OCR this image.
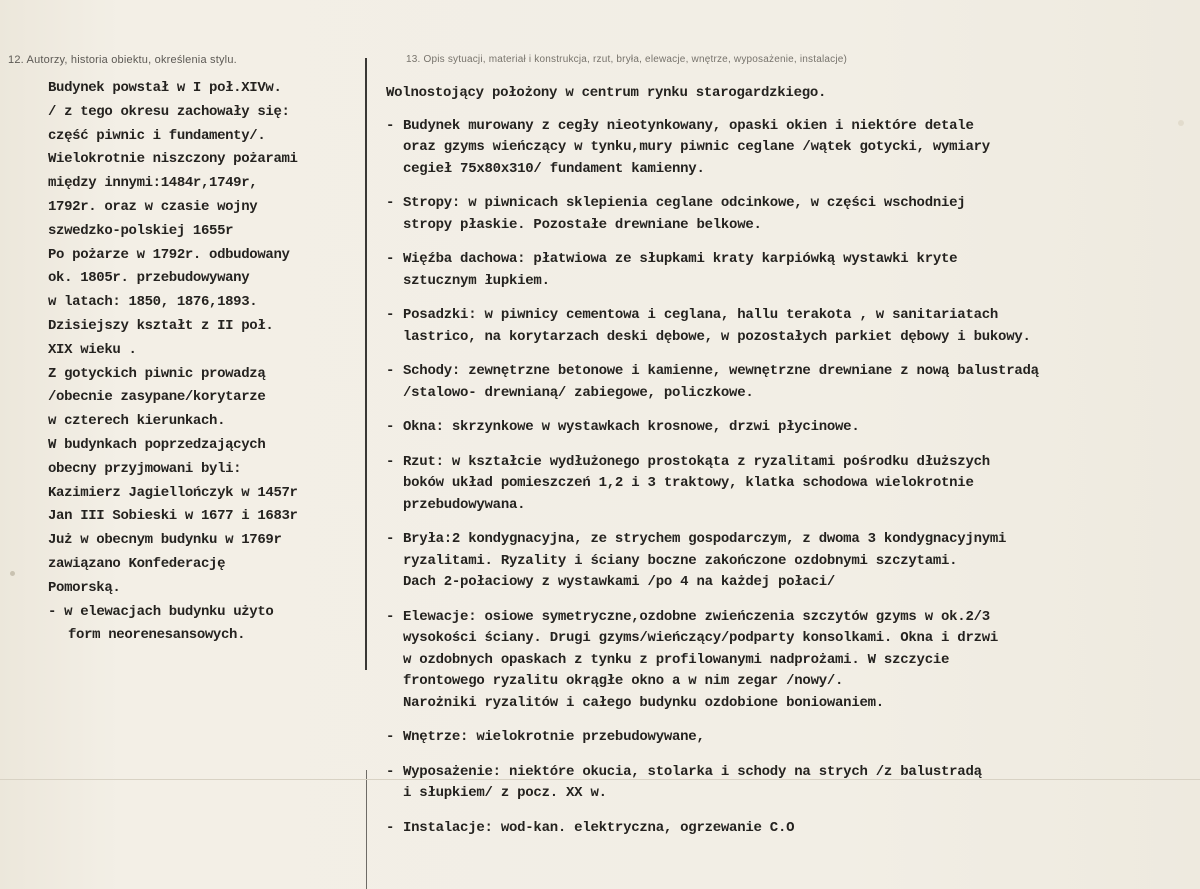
12. Autorzy, historia obiektu, określenia stylu.	13. Opis sytuacji, materiał i konstrukcja, rzut, bryła, elewacje, wnętrze, wyposażenie, instalacje)
Budynek powstał w I poł.XIVw.
/ z tego okresu zachowały się:
część piwnic i fundamenty/.
Wielokrotnie niszczony pożarami
między innymi:1484r,1749r,
1792r. oraz w czasie wojny
szwedzko-polskiej 1655r
Po pożarze w 1792r. odbudowany
ok. 1805r. przebudowywany
w latach: 1850, 1876,1893.
Dzisiejszy kształt z II poł.
XIX wieku .
Z gotyckich piwnic prowadzą
/obecnie zasypane/korytarze
w czterech kierunkach.
W budynkach poprzedzających
obecny przyjmowani byli:
Kazimierz Jagiellończyk w 1457r
Jan III Sobieski w 1677 i 1683r
Już w obecnym budynku w 1769r
zawiązano Konfederację
Pomorską.
- w elewacjach budynku użyto
form neorenesansowych.
Wolnostojący położony w centrum rynku starogardzkiego.
- Budynek murowany z cegły nieotynkowany, opaski okien i niektóre detale
oraz gzyms wieńczący w tynku,mury piwnic ceglane /wątek gotycki, wymiary
cegieł 75x80x310/ fundament kamienny.
- Stropy: w piwnicach sklepienia ceglane odcinkowe, w części wschodniej
stropy płaskie. Pozostałe drewniane belkowe.
- Więźba dachowa: płatwiowa ze słupkami kraty karpiówką wystawki kryte
sztucznym łupkiem.
- Posadzki: w piwnicy cementowa i ceglana, hallu terakota , w sanitariatach
lastrico, na korytarzach deski dębowe, w pozostałych parkiet dębowy i bukowy.
- Schody: zewnętrzne betonowe i kamienne, wewnętrzne drewniane z nową balustradą
/stalowo- drewnianą/ zabiegowe, policzkowe.
- Okna: skrzynkowe w wystawkach krosnowe, drzwi płycinowe.
- Rzut: w kształcie wydłużonego prostokąta z ryzalitami pośrodku dłuższych
boków układ pomieszczeń 1,2 i 3 traktowy, klatka schodowa wielokrotnie
przebudowywana.
- Bryła:2 kondygnacyjna, ze strychem gospodarczym, z dwoma 3 kondygnacyjnymi
ryzalitami. Ryzality i ściany boczne zakończone ozdobnymi szczytami.
Dach 2-połaciowy z wystawkami /po 4 na każdej połaci/
- Elewacje: osiowe symetryczne,ozdobne zwieńczenia szczytów gzyms w ok.2/3
wysokości ściany. Drugi gzyms/wieńczący/podparty konsolkami. Okna i drzwi
w ozdobnych opaskach z tynku z profilowanymi nadprożami. W szczycie
frontowego ryzalitu okrągłe okno a w nim zegar /nowy/.
Narożniki ryzalitów i całego budynku ozdobione boniowaniem.
- Wnętrze: wielokrotnie przebudowywane,
- Wyposażenie: niektóre okucia, stolarka i schody na strych /z balustradą
i słupkiem/ z pocz. XX w.
- Instalacje: wod-kan. elektryczna, ogrzewanie C.O
